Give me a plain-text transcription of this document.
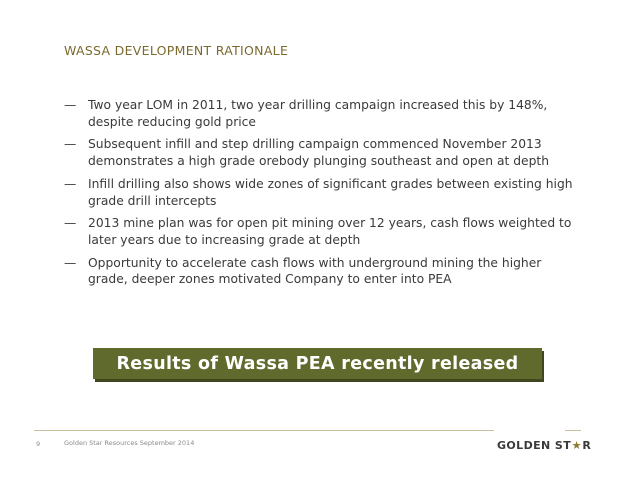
WASSA DEVELOPMENT RATIONALE
— Two year LOM in 2011, two year drilling campaign increased this by 148%, despite reducing gold price
— Subsequent infill and step drilling campaign commenced November 2013 demonstrates a high grade orebody plunging southeast and open at depth
— Infill drilling also shows wide zones of significant grades between existing high grade drill intercepts
— 2013 mine plan was for open pit mining over 12 years, cash flows weighted to later years due to increasing grade at depth
— Opportunity to accelerate cash flows with underground mining the higher grade, deeper zones motivated Company to enter into PEA
Results of Wassa PEA recently released
9	Golden Star Resources September 2014	GOLDEN ST ★ R
